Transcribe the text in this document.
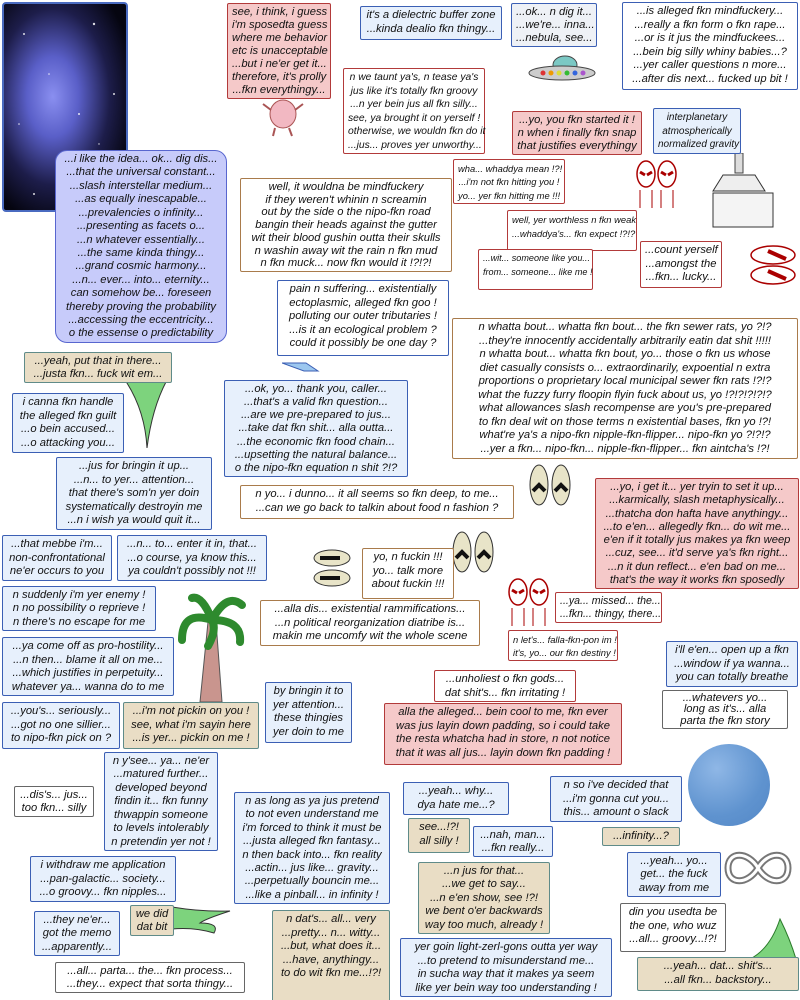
see, i think, i guess
i'm sposedta guess
where me behavior
etc is unacceptable
...but i ne'er get it...
therefore, it's prolly
...fkn everythingy...
it's a dielectric buffer zone
...kinda dealio fkn thingy...
...ok... n dig it...
...we're... inna...
...nebula, see...
...is alleged fkn mindfuckery...
...really a fkn form o fkn rape...
...or is it jus the mindfuckees...
...bein big silly whiny babies...?
...yer caller questions n more...
...after dis next... fucked up bit !
n we taunt ya's, n tease ya's
jus like it's totally fkn groovy
...n yer bein jus all fkn silly...
see, ya brought it on yerself !
otherwise, we wouldn fkn do it
...jus... proves yer unworthy...
...yo, you fkn started it !
n when i finally fkn snap
that justifies everythingy
interplanetary
atmospherically
normalized gravity
...i like the idea... ok... dig dis...
...that the universal constant...
...slash interstellar medium...
...as equally inescapable...
...prevalencies o infinity...
...presenting as facets o...
...n whatever essentially...
...the same kinda thingy...
...grand cosmic harmony...
...n... ever... into... eternity...
can somehow be... foreseen
thereby proving the probability
...accessing the eccentricity...
o the essense o predictability
well, it wouldna be mindfuckery
if they weren't whinin n screamin
out by the side o the nipo-fkn road
bangin their heads against the gutter
wit their blood gushin outta their skulls
n washin away wit the rain n fkn mud
n fkn muck... now fkn would it !?!?!
wha... whaddya mean !?!
...i'm not fkn hitting you !
yo... yer fkn hitting me !!!
well, yer worthless n fkn weak
...whaddya's... fkn expect !?!?
...wit... someone like you...
from... someone... like me !
...count yerself
...amongst the
...fkn... lucky...
pain n suffering... existentially
ectoplasmic, alleged fkn goo !
polluting our outer tributaries !
...is it an ecological problem ?
could it possibly be one day ?
...yeah, put that in there...
...justa fkn... fuck wit em...
i canna fkn handle
the alleged fkn guilt
...o bein accused...
...o attacking you...
...ok, yo... thank you, caller...
...that's a valid fkn question...
...are we pre-prepared to jus...
...take dat fkn shit... alla outta...
...the economic fkn food chain...
...upsetting the natural balance...
o the nipo-fkn equation n shit ?!?
n whatta bout... whatta fkn bout... the fkn sewer rats, yo ?!?
...they're innocently accidentally arbitrarily eatin dat shit !!!!!
n whatta bout... whatta fkn bout, yo... those o fkn us whose
diet casually consists o... extraordinarily, expoential n extra
proportions o proprietary local municipal sewer fkn rats !?!?
what the fuzzy furry floopin flyin fuck about us, yo !?!?!?!?!?
what allowances slash recompense are you's pre-prepared
to fkn deal wit on those terms n existential bases, fkn yo !?!
what're ya's a nipo-fkn nipple-fkn-flipper... nipo-fkn yo ?!?!?
...yer a fkn... nipo-fkn... nipple-fkn-flipper... fkn aintcha's !?!
...jus for bringin it up...
...n... to yer... attention...
that there's som'n yer doin
systematically destroyin me
...n i wish ya would quit it...
n yo... i dunno... it all seems so fkn deep, to me...
...can we go back to talkin about food n fashion ?
...yo, i get it... yer tryin to set it up...
...karmically, slash metaphysically...
...thatcha don hafta have anythingy...
...to e'en... allegedly fkn... do wit me...
e'en if it totally jus makes ya fkn weep
...cuz, see... it'd serve ya's fkn right...
...n it dun reflect... e'en bad on me...
that's the way it works fkn sposedly
...that mebbe i'm...
non-confrontational
ne'er occurs to you
...n... to... enter it in, that...
...o course, ya know this...
ya couldn't possibly not !!!
yo, n fuckin !!!
yo... talk more
about fuckin !!!
n suddenly i'm yer enemy !
n no possibility o reprieve !
n there's no escape for me
...ya... missed... the...
...fkn... thingy, there...
...alla dis... existential rammifications...
...n political reorganization diatribe is...
makin me uncomfy wit the whole scene	n let's... falla-fkn-pon im !
it's, yo... our fkn destiny !	i'll e'en... open up a fkn
...window if ya wanna...
you can totally breathe
...ya come off as pro-hostility...
...n then... blame it all on me...
...which justifies in perpetuity...
whatever ya... wanna do to me
...unholiest o fkn gods...
dat shit's... fkn irritating !	...whatevers yo...
long as it's... alla
parta the fkn story
alla the alleged... bein cool to me, fkn ever
was jus layin down padding, so i could take
the resta whatcha had in store, n not notice
that it was all jus... layin down fkn padding !
...you's... seriously...
...got no one sillier...
to nipo-fkn pick on ?
...i'm not pickin on you !
see, what i'm sayin here
...is yer... pickin on me !
by bringin it to
yer attention...
these thingies
yer doin to me
n y'see... ya... ne'er
...matured further...
developed beyond
findin it... fkn funny
thwappin someone
to levels intolerably
n pretendin yer not !
...dis's... jus...
too fkn... silly
n as long as ya jus pretend
to not even understand me
i'm forced to think it must be
...justa alleged fkn fantasy...
n then back into... fkn reality
...actin... jus like... gravity...
...perpetually bouncin me...
...like a pinball... in infinity !
...yeah... why...
dya hate me...?
n so i've decided that
...i'm gonna cut you...
this... amount o slack
see...!?!
all silly !	...nah, man...
...fkn really...
...infinity...?
...yeah... yo...
get... the fuck
away from me
i withdraw me application
...pan-galactic... society...
...o groovy... fkn nipples...
...n jus for that...
...we get to say...
...n e'en show, see !?!
we bent o'er backwards
way too much, already !
we did
dat bit
...they ne'er...
got the memo
...apparently...
n dat's... all... very
...pretty... n... witty...
...but, what does it...
...have, anythingy...
to do wit fkn me...!?!
din you usedta be
the one, who wuz
...all... groovy...!?!
yer goin light-zerl-gons outta yer way
...to pretend to misunderstand me...
in sucha way that it makes ya seem
like yer bein way too understanding !
...all... parta... the... fkn process...
...they... expect that sorta thingy...
...yeah... dat... shit's...
...all fkn... backstory...
